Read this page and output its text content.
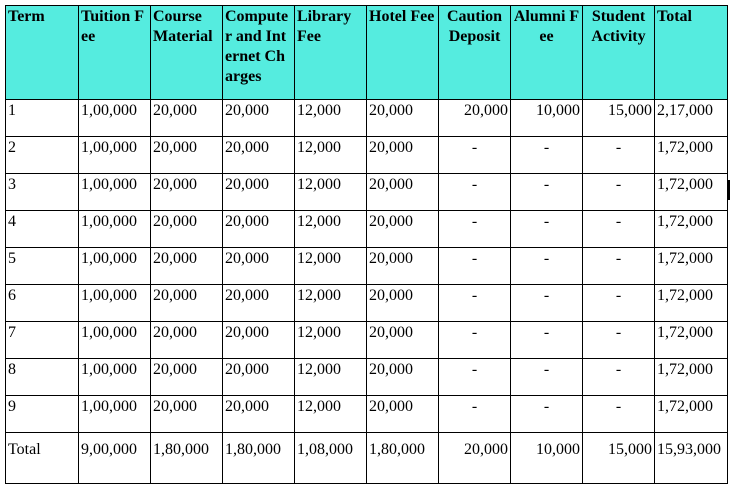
Term	Tuition Fee	Course Material	Computer and Internet Charges	Library Fee	Hotel Fee	Caution Deposit	Alumni Fee	Student Activity	Total
1	1,00,000	20,000	20,000	12,000	20,000	20,000	10,000	15,000	2,17,000
2	1,00,000	20,000	20,000	12,000	20,000	-	-	-	1,72,000
3	1,00,000	20,000	20,000	12,000	20,000	-	-	-	1,72,000
4	1,00,000	20,000	20,000	12,000	20,000	-	-	-	1,72,000
5	1,00,000	20,000	20,000	12,000	20,000	-	-	-	1,72,000
6	1,00,000	20,000	20,000	12,000	20,000	-	-	-	1,72,000
7	1,00,000	20,000	20,000	12,000	20,000	-	-	-	1,72,000
8	1,00,000	20,000	20,000	12,000	20,000	-	-	-	1,72,000
9	1,00,000	20,000	20,000	12,000	20,000	-	-	-	1,72,000
Total	9,00,000	1,80,000	1,80,000	1,08,000	1,80,000	20,000	10,000	15,000	15,93,000
